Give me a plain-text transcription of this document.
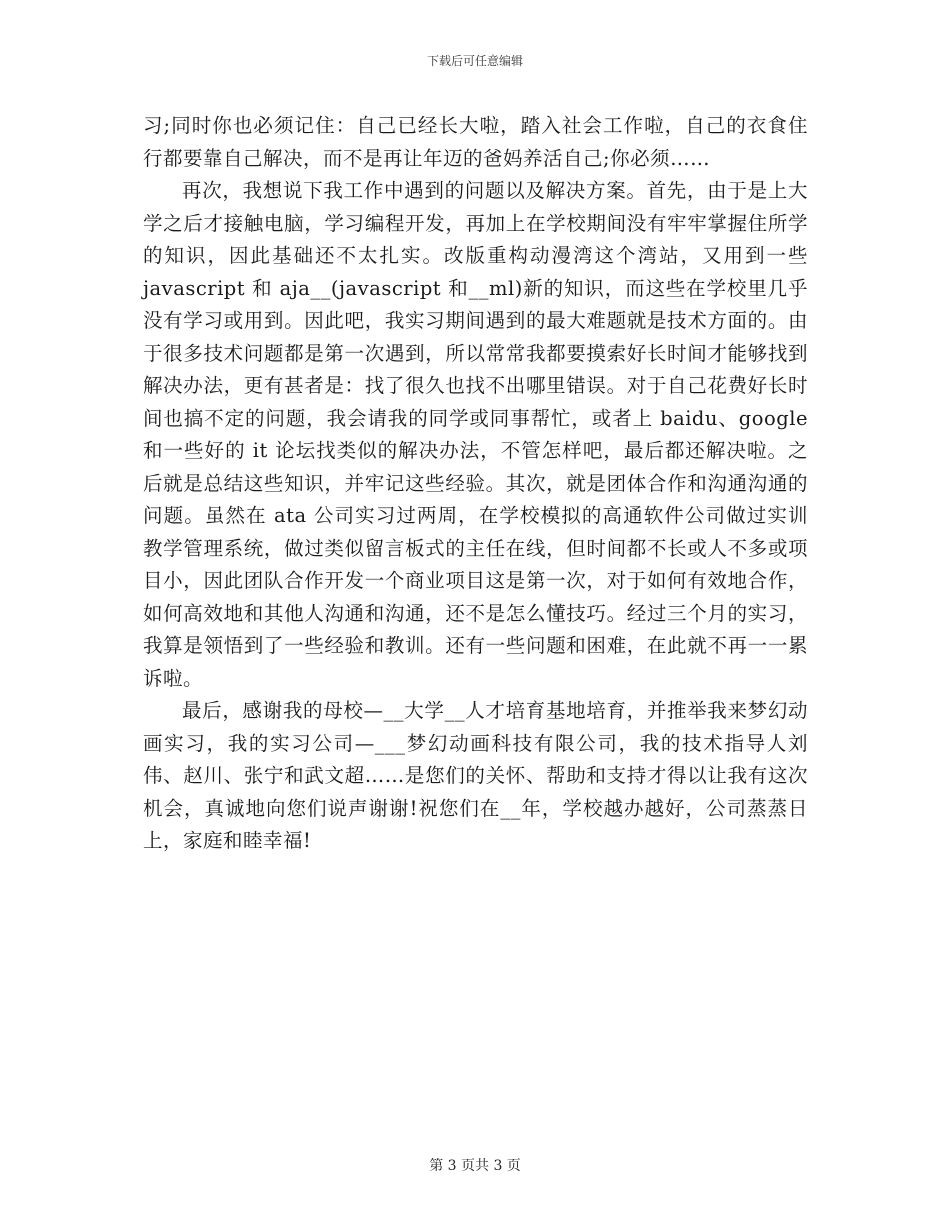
下载后可任意编辑

习;同时你也必须记住：自己已经长大啦，踏入社会工作啦，自己的衣食住行都要靠自己解决，而不是再让年迈的爸妈养活自己;你必须……

再次，我想说下我工作中遇到的问题以及解决方案。首先，由于是上大学之后才接触电脑，学习编程开发，再加上在学校期间没有牢牢掌握住所学的知识，因此基础还不太扎实。改版重构动漫湾这个湾站，又用到一些 javascript 和 aja__(javascript 和__ml)新的知识，而这些在学校里几乎没有学习或用到。因此吧，我实习期间遇到的最大难题就是技术方面的。由于很多技术问题都是第一次遇到，所以常常我都要摸索好长时间才能够找到解决办法，更有甚者是：找了很久也找不出哪里错误。对于自己花费好长时间也搞不定的问题，我会请我的同学或同事帮忙，或者上 baidu、google 和一些好的 it 论坛找类似的解决办法，不管怎样吧，最后都还解决啦。之后就是总结这些知识，并牢记这些经验。其次，就是团体合作和沟通沟通的问题。虽然在 ata 公司实习过两周，在学校模拟的高通软件公司做过实训教学管理系统，做过类似留言板式的主任在线，但时间都不长或人不多或项目小，因此团队合作开发一个商业项目这是第一次，对于如何有效地合作，如何高效地和其他人沟通和沟通，还不是怎么懂技巧。经过三个月的实习，我算是领悟到了一些经验和教训。还有一些问题和困难，在此就不再一一累诉啦。

最后，感谢我的母校—__大学__人才培育基地培育，并推举我来梦幻动画实习，我的实习公司—___梦幻动画科技有限公司，我的技术指导人刘伟、赵川、张宁和武文超……是您们的关怀、帮助和支持才得以让我有这次机会，真诚地向您们说声谢谢!祝您们在__年，学校越办越好，公司蒸蒸日上，家庭和睦幸福!

第 3 页共 3 页
